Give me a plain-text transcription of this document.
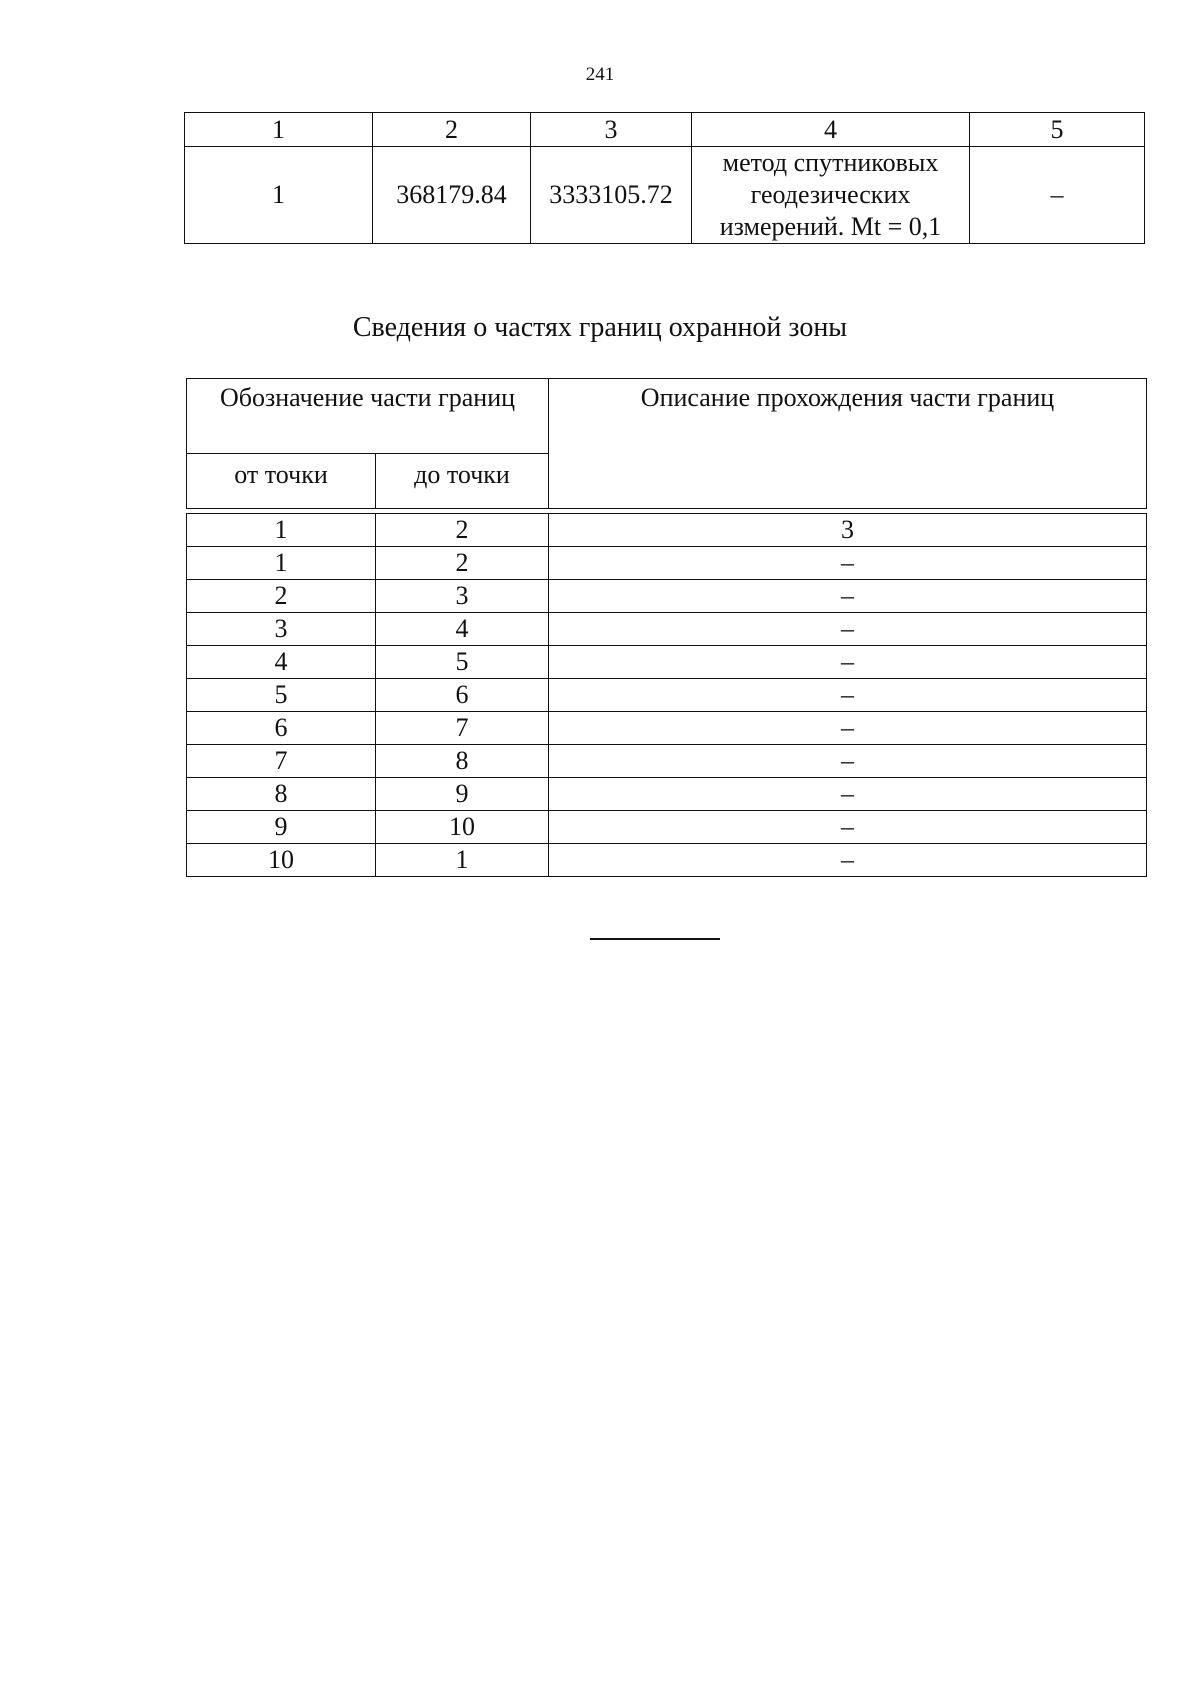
241
1	2	3	4	5
1	368179.84	3333105.72	метод спутниковых
геодезических
измерений. Mt = 0,1	–
Сведения о частях границ охранной зоны
Обозначение части границ		Описание прохождения части границ
от точки	до точки	

1	2	3
1	2	–
2	3	–
3	4	–
4	5	–
5	6	–
6	7	–
7	8	–
8	9	–
9	10	–
10	1	–
